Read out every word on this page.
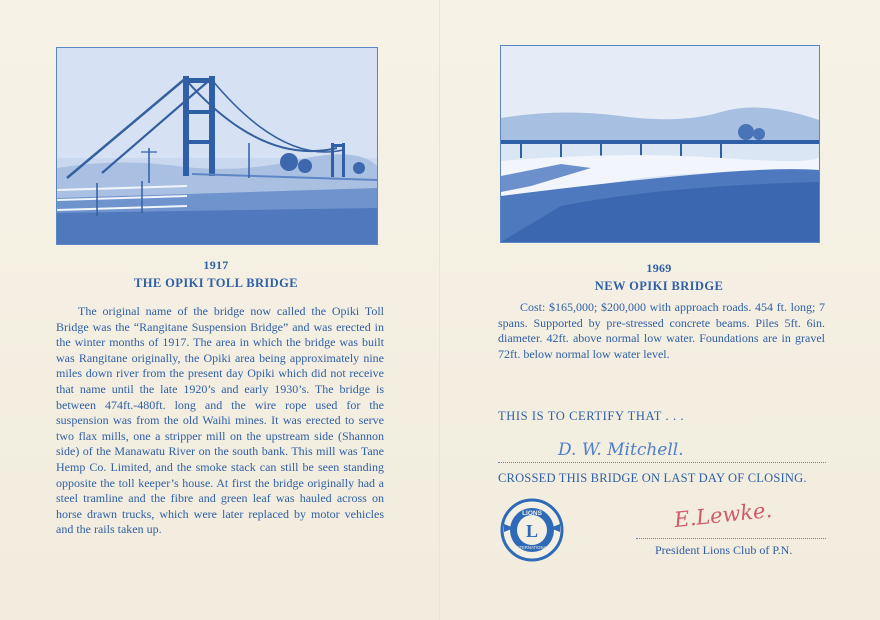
1917
THE OPIKI TOLL BRIDGE

The original name of the bridge now called the Opiki Toll Bridge was the “Rangitane Suspension Bridge” and was erected in the winter months of 1917. The area in which the bridge was built was Rangitane originally, the Opiki area being approximately nine miles down river from the present day Opiki which did not receive that name until the late 1920’s and early 1930’s. The bridge is between 474ft.-480ft. long and the wire rope used for the suspension was from the old Waihi mines. It was erected to serve two flax mills, one a stripper mill on the upstream side (Shannon side) of the Manawatu River on the south bank. This mill was Tane Hemp Co. Limited, and the smoke stack can still be seen standing opposite the toll keeper’s house. At first the bridge originally had a steel tramline and the fibre and green leaf was hauled across on horse drawn trucks, which were later replaced by motor vehicles and the rails taken up.

1969
NEW OPIKI BRIDGE

Cost: $165,000; $200,000 with approach roads. 454 ft. long; 7 spans. Supported by pre-stressed concrete beams. Piles 5ft. 6in. diameter. 42ft. above normal low water. Foundations are in gravel 72ft. below normal low water level.

THIS IS TO CERTIFY THAT . . .
D. W. Mitchell.
CROSSED THIS BRIDGE ON LAST DAY OF CLOSING.
LIONS
L
INTERNATIONAL
E.Lewke.
President Lions Club of P.N.
